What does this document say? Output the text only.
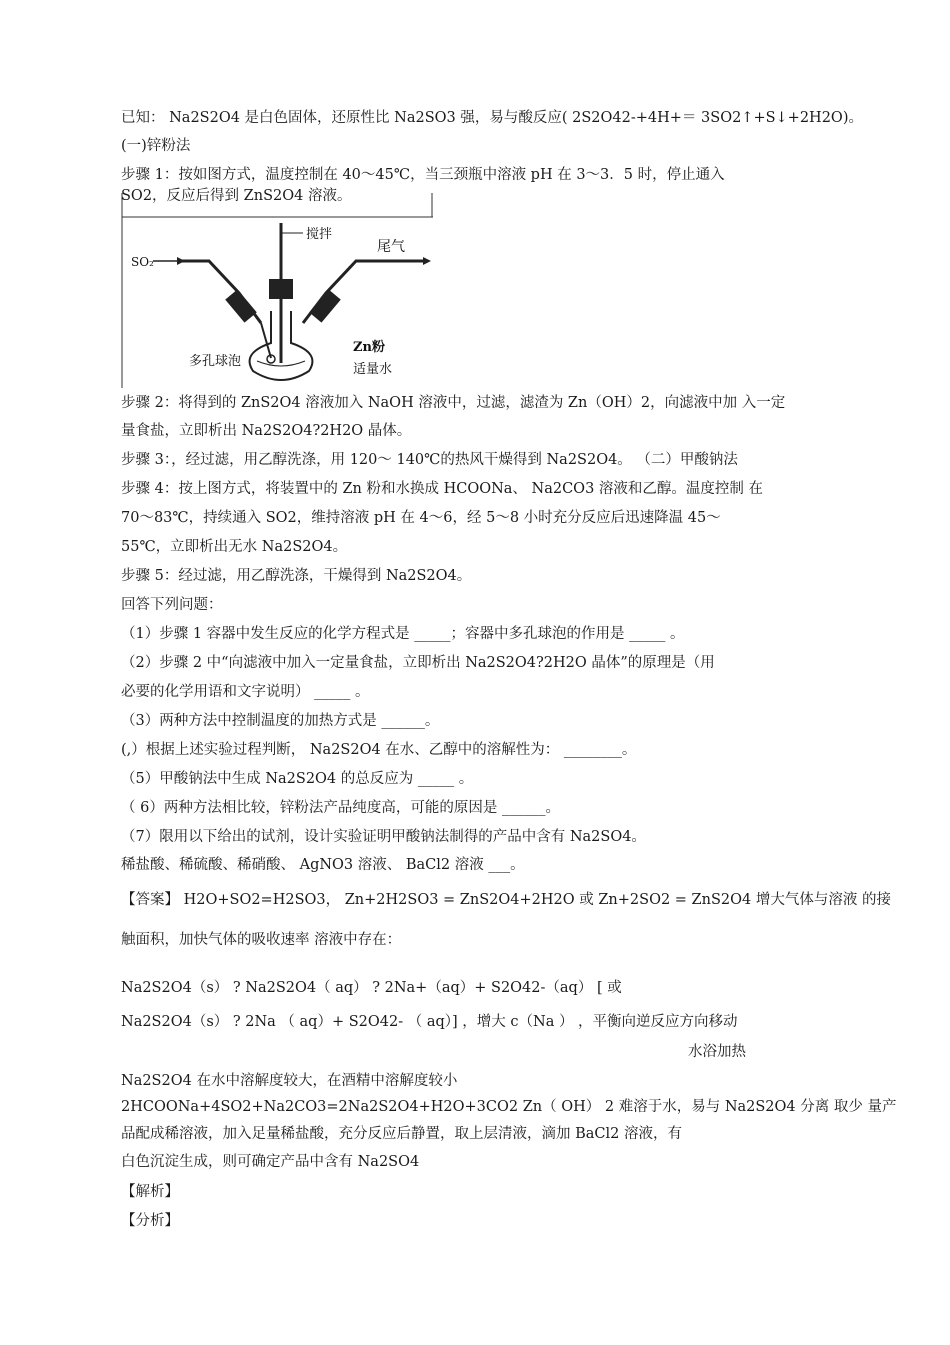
已知： Na2S2O4 是白色固体，还原性比 Na2SO3 强，易与酸反应( 2S2O42-+4H+＝ 3SO2↑+S↓+2H2O)。
(一)锌粉法
步骤 1：按如图方式，温度控制在 40～45℃，当三颈瓶中溶液 pH 在 3～3．5 时，停止通入
SO2，反应后得到 ZnS2O4 溶液。
搅拌
SO₂
尾气
Zn粉
多孔球泡
适量水
步骤 2：将得到的 ZnS2O4 溶液加入 NaOH 溶液中，过滤，滤渣为 Zn（OH）2，向滤液中加 入一定
量食盐，立即析出 Na2S2O4?2H2O 晶体。
步骤 3：，经过滤，用乙醇洗涤，用 120～ 140℃的热风干燥得到 Na2S2O4。 （二）甲酸钠法
步骤 4：按上图方式，将装置中的 Zn 粉和水换成 HCOONa、 Na2CO3 溶液和乙醇。温度控制 在
70～83℃，持续通入 SO2，维持溶液 pH 在 4～6，经 5～8 小时充分反应后迅速降温 45～
55℃，立即析出无水 Na2S2O4。
步骤 5：经过滤，用乙醇洗涤，干燥得到 Na2S2O4。
回答下列问题：
（1）步骤 1 容器中发生反应的化学方程式是 _____；容器中多孔球泡的作用是 _____ 。
（2）步骤 2 中“向滤液中加入一定量食盐，立即析出 Na2S2O4?2H2O 晶体”的原理是（用
必要的化学用语和文字说明） _____ 。
（3）两种方法中控制温度的加热方式是 ______。
(,）根据上述实验过程判断， Na2S2O4 在水、乙醇中的溶解性为： ________。
（5）甲酸钠法中生成 Na2S2O4 的总反应为 _____ 。
（ 6）两种方法相比较，锌粉法产品纯度高，可能的原因是 ______。
（7）限用以下给出的试剂，设计实验证明甲酸钠法制得的产品中含有 Na2SO4。
稀盐酸、稀硫酸、稀硝酸、 AgNO3 溶液、 BaCl2 溶液 ___。
【答案】 H2O+SO2=H2SO3， Zn+2H2SO3 = ZnS2O4+2H2O 或 Zn+2SO2 = ZnS2O4 增大气体与溶液 的接
触面积，加快气体的吸收速率 溶液中存在：
Na2S2O4（s） ? Na2S2O4（ aq） ? 2Na+（aq）+ S2O42-（aq） [ 或
Na2S2O4（s） ? 2Na （ aq）+ S2O42- （ aq）] ，增大 c（Na ） ，平衡向逆反应方向移动
水浴加热
Na2S2O4 在水中溶解度较大，在酒精中溶解度较小
2HCOONa+4SO2+Na2CO3=2Na2S2O4+H2O+3CO2 Zn（ OH） 2 难溶于水，易与 Na2S2O4 分离 取少 量产
品配成稀溶液，加入足量稀盐酸，充分反应后静置，取上层清液，滴加 BaCl2 溶液，有
白色沉淀生成，则可确定产品中含有 Na2SO4
【解析】
【分析】
